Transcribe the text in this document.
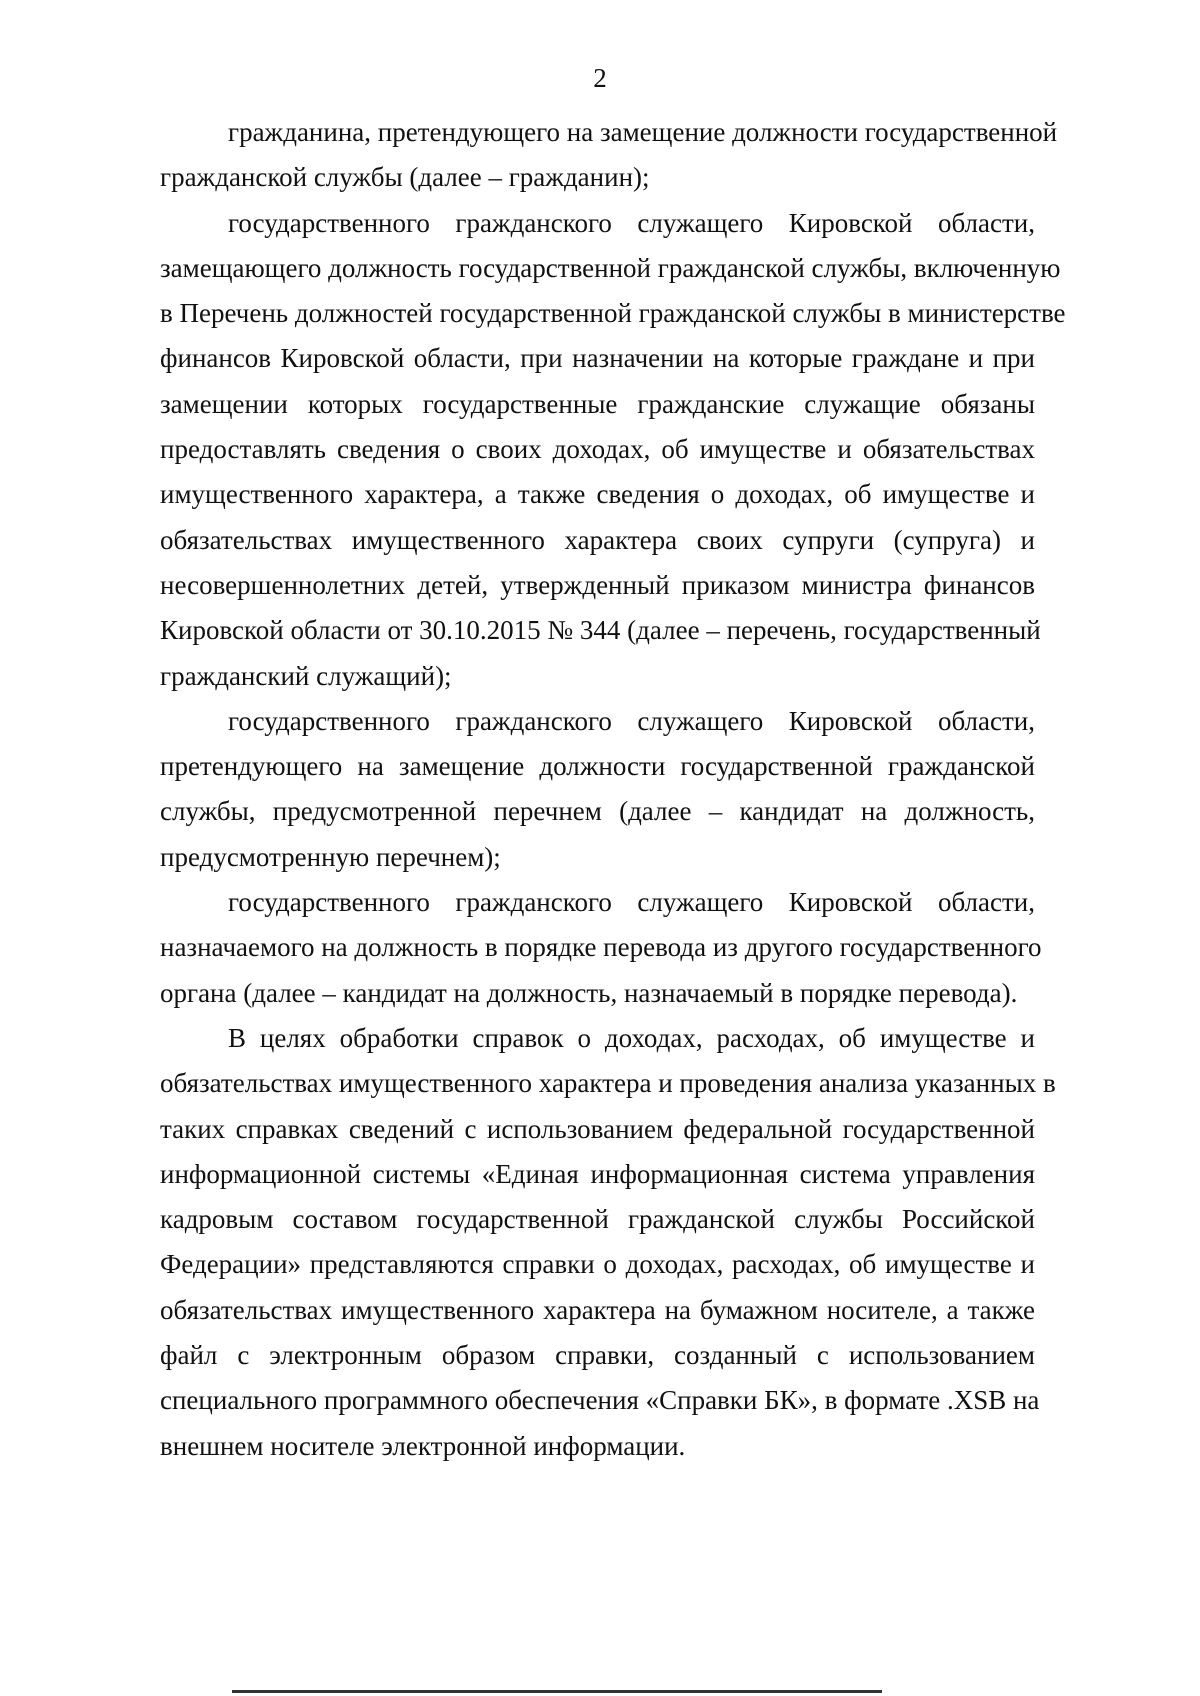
2
гражданина, претендующего на замещение должности государственной
гражданской службы (далее – гражданин);
государственного гражданского служащего Кировской области,
замещающего должность государственной гражданской службы, включенную
в Перечень должностей государственной гражданской службы в министерстве
финансов Кировской области, при назначении на которые граждане и при
замещении которых государственные гражданские служащие обязаны
предоставлять сведения о своих доходах, об имуществе и обязательствах
имущественного характера, а также сведения о доходах, об имуществе и
обязательствах имущественного характера своих супруги (супруга) и
несовершеннолетних детей, утвержденный приказом министра финансов
Кировской области от 30.10.2015 № 344 (далее – перечень, государственный
гражданский служащий);
государственного гражданского служащего Кировской области,
претендующего на замещение должности государственной гражданской
службы, предусмотренной перечнем (далее – кандидат на должность,
предусмотренную перечнем);
государственного гражданского служащего Кировской области,
назначаемого на должность в порядке перевода из другого государственного
органа (далее – кандидат на должность, назначаемый в порядке перевода).
В целях обработки справок о доходах, расходах, об имуществе и
обязательствах имущественного характера и проведения анализа указанных в
таких справках сведений с использованием федеральной государственной
информационной системы «Единая информационная система управления
кадровым составом государственной гражданской службы Российской
Федерации» представляются справки о доходах, расходах, об имуществе и
обязательствах имущественного характера на бумажном носителе, а также
файл с электронным образом справки, созданный с использованием
специального программного обеспечения «Справки БК», в формате .XSB на
внешнем носителе электронной информации.
